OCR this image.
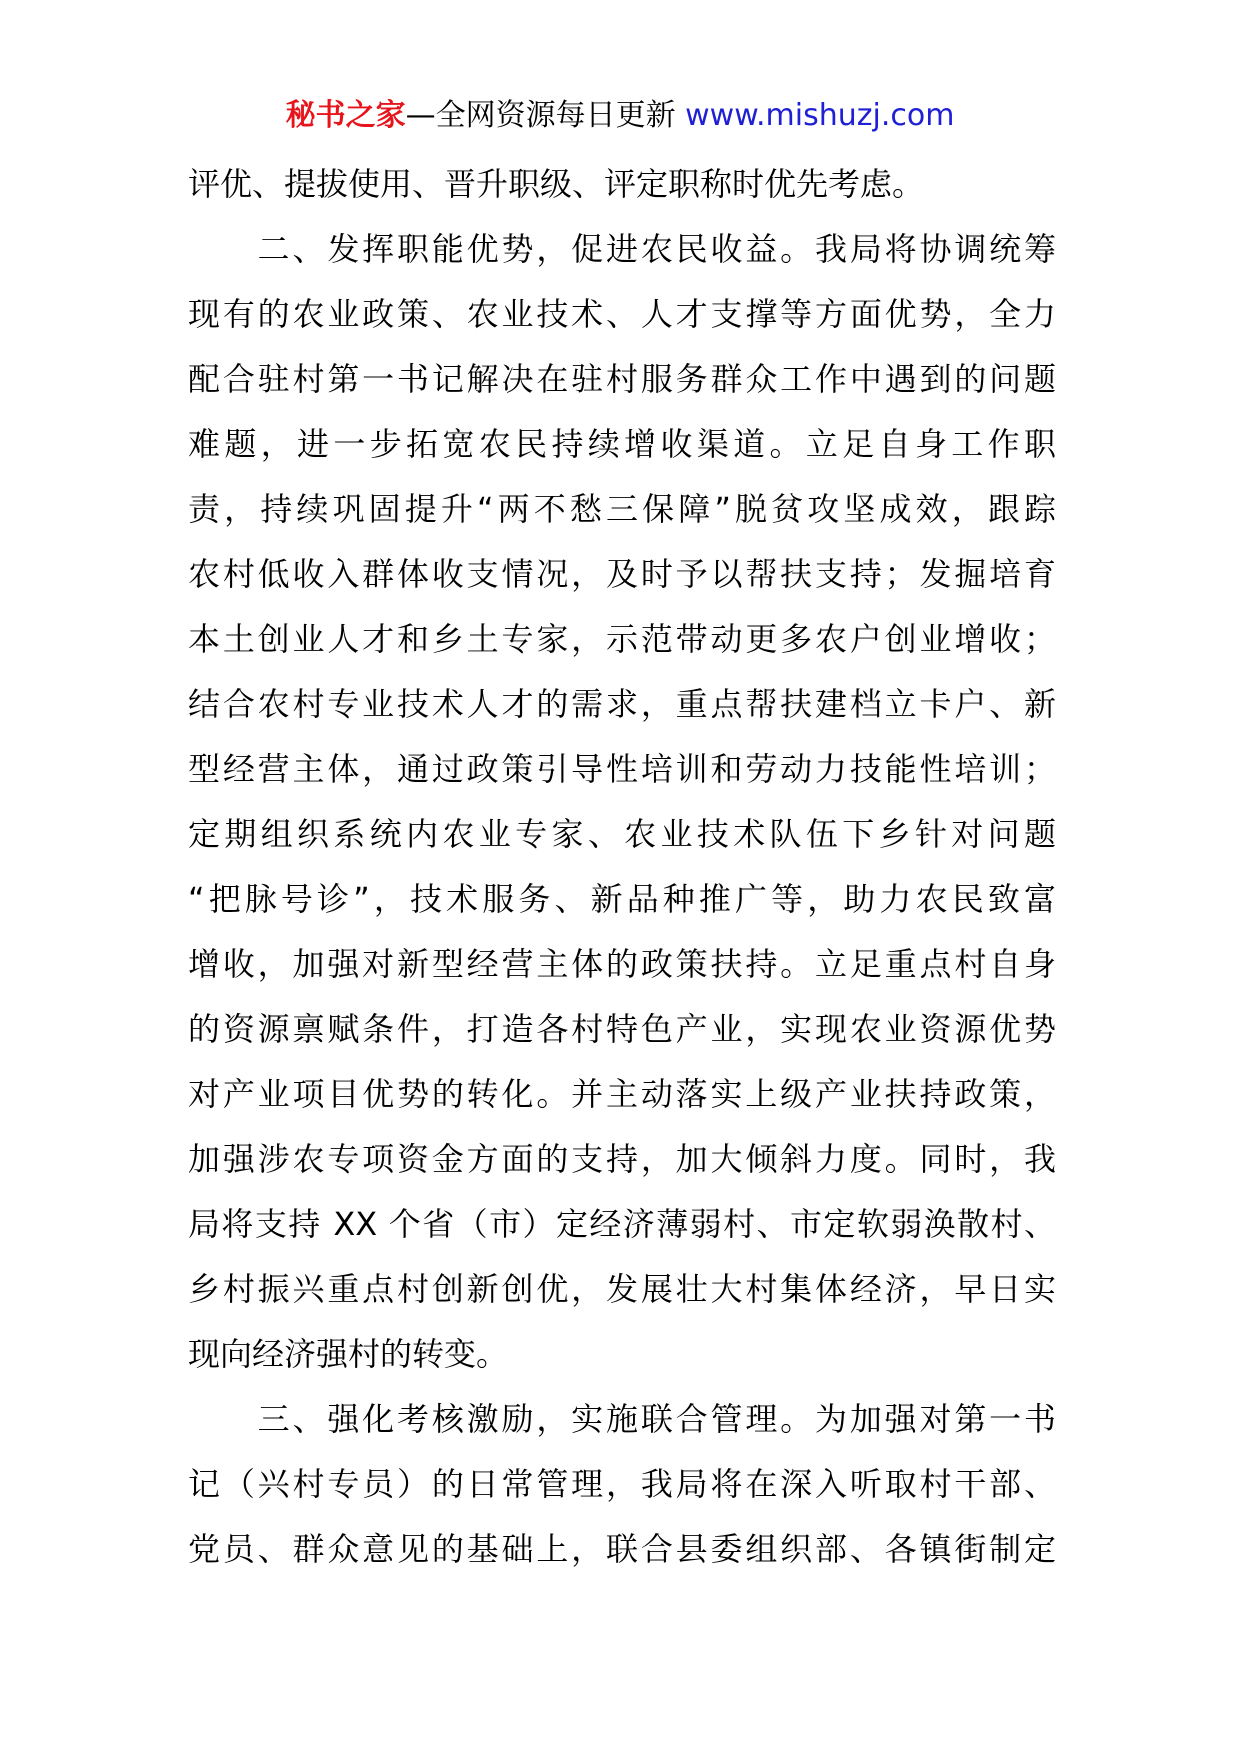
秘书之家—全网资源每日更新 www.mishuzj.com
评优、提拔使用、晋升职级、评定职称时优先考虑。
　　二、发挥职能优势，促进农民收益。我局将协调统筹
现有的农业政策、农业技术、人才支撑等方面优势，全力
配合驻村第一书记解决在驻村服务群众工作中遇到的问题
难题，进一步拓宽农民持续增收渠道。立足自身工作职
责，持续巩固提升“两不愁三保障”脱贫攻坚成效，跟踪
农村低收入群体收支情况，及时予以帮扶支持；发掘培育
本土创业人才和乡土专家，示范带动更多农户创业增收；
结合农村专业技术人才的需求，重点帮扶建档立卡户、新
型经营主体，通过政策引导性培训和劳动力技能性培训；
定期组织系统内农业专家、农业技术队伍下乡针对问题
“把脉号诊”，技术服务、新品种推广等，助力农民致富
增收，加强对新型经营主体的政策扶持。立足重点村自身
的资源禀赋条件，打造各村特色产业，实现农业资源优势
对产业项目优势的转化。并主动落实上级产业扶持政策，
加强涉农专项资金方面的支持，加大倾斜力度。同时，我
局将支持 XX 个省（市）定经济薄弱村、市定软弱涣散村、
乡村振兴重点村创新创优，发展壮大村集体经济，早日实
现向经济强村的转变。
　　三、强化考核激励，实施联合管理。为加强对第一书
记（兴村专员）的日常管理，我局将在深入听取村干部、
党员、群众意见的基础上，联合县委组织部、各镇街制定
